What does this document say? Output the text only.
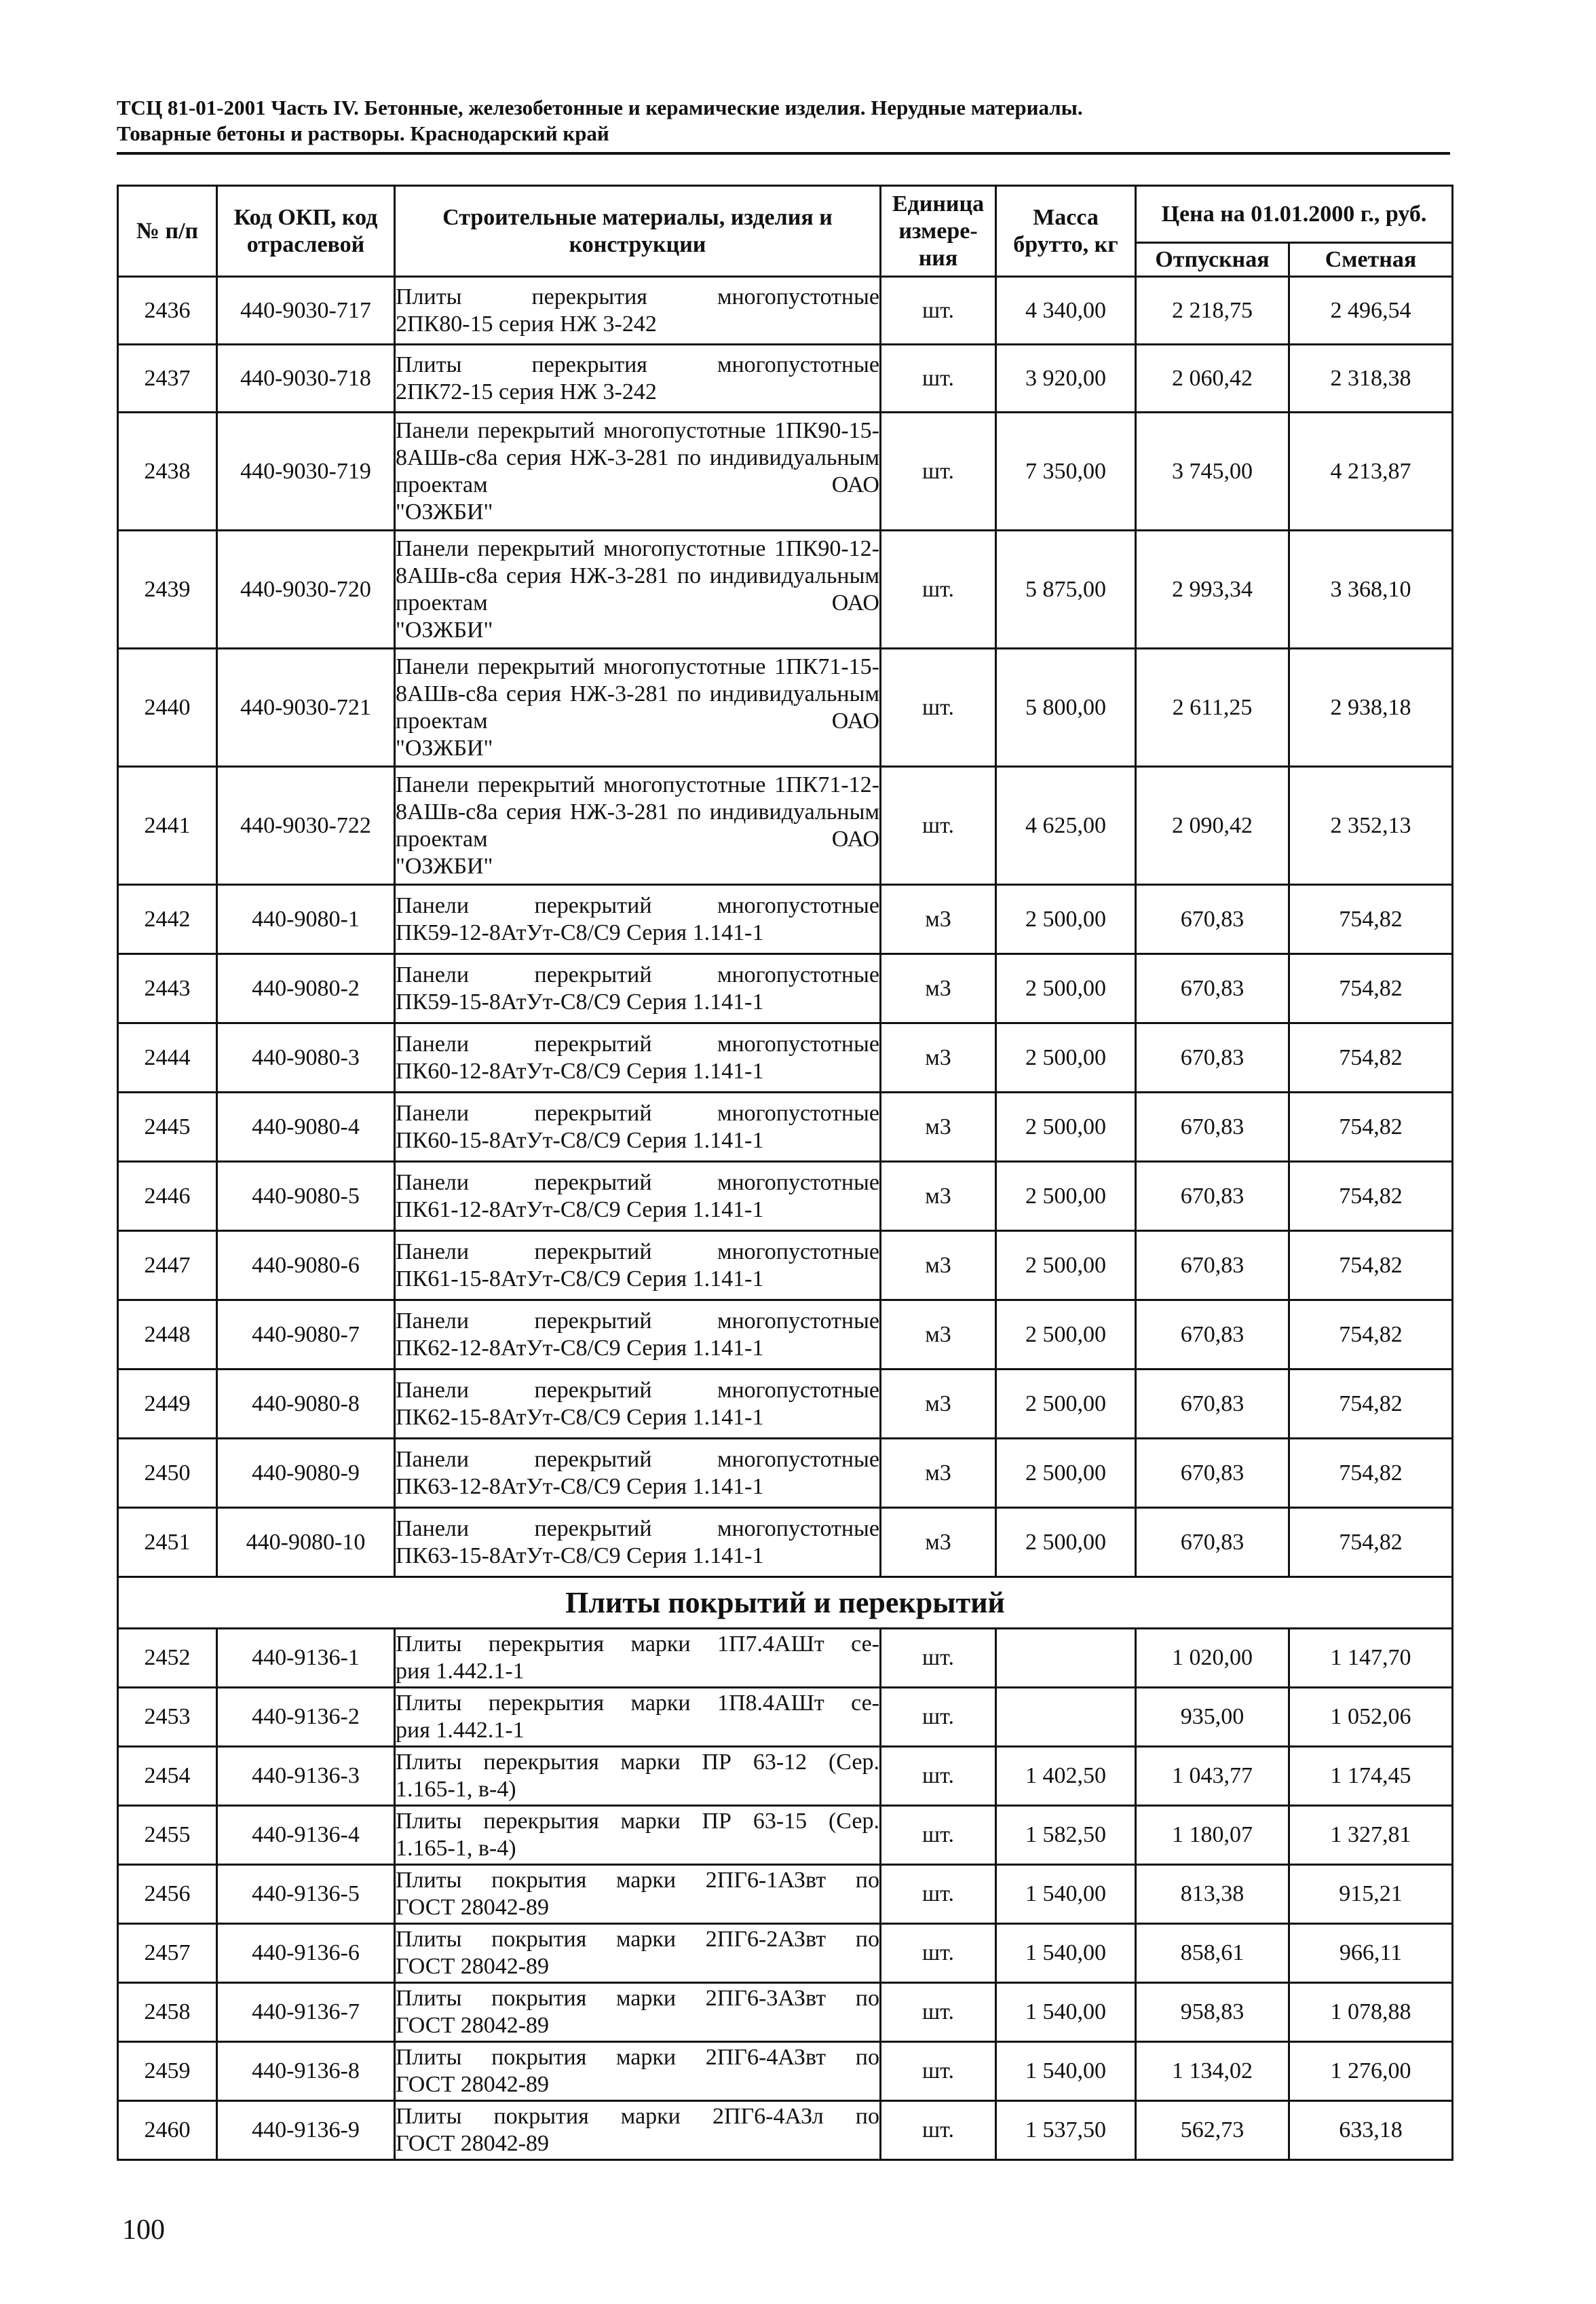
ТСЦ 81-01-2001 Часть IV. Бетонные, железобетонные и керамические изделия. Нерудные материалы.
Товарные бетоны и растворы. Краснодарский край
№ п/п	Код ОКП, код отраслевой	Строительные материалы, изделия и конструкции	Единица измере-ния	Масса брутто, кг	Цена на 01.01.2000 г., руб.	
					Отпускная	Сметная
2436	440-9030-717	Плиты перекрытия многопустотные
2ПК80-15 серия НЖ 3-242	шт.	4 340,00	2 218,75	2 496,54
2437	440-9030-718	Плиты перекрытия многопустотные
2ПК72-15 серия НЖ 3-242	шт.	3 920,00	2 060,42	2 318,38
2438	440-9030-719	Панели перекрытий многопустотные 1ПК90-15-8АШв-с8а серия НЖ-3-281 по индивидуальным проектам ОАО
"ОЗЖБИ"	шт.	7 350,00	3 745,00	4 213,87
2439	440-9030-720	Панели перекрытий многопустотные 1ПК90-12-8АШв-с8а серия НЖ-3-281 по индивидуальным проектам ОАО
"ОЗЖБИ"	шт.	5 875,00	2 993,34	3 368,10
2440	440-9030-721	Панели перекрытий многопустотные 1ПК71-15-8АШв-с8а серия НЖ-3-281 по индивидуальным проектам ОАО
"ОЗЖБИ"	шт.	5 800,00	2 611,25	2 938,18
2441	440-9030-722	Панели перекрытий многопустотные 1ПК71-12-8АШв-с8а серия НЖ-3-281 по индивидуальным проектам ОАО
"ОЗЖБИ"	шт.	4 625,00	2 090,42	2 352,13
2442	440-9080-1	Панели перекрытий многопустотные
ПК59-12-8АтУт-С8/С9 Серия 1.141-1	м3	2 500,00	670,83	754,82
2443	440-9080-2	Панели перекрытий многопустотные
ПК59-15-8АтУт-С8/С9 Серия 1.141-1	м3	2 500,00	670,83	754,82
2444	440-9080-3	Панели перекрытий многопустотные
ПК60-12-8АтУт-С8/С9 Серия 1.141-1	м3	2 500,00	670,83	754,82
2445	440-9080-4	Панели перекрытий многопустотные
ПК60-15-8АтУт-С8/С9 Серия 1.141-1	м3	2 500,00	670,83	754,82
2446	440-9080-5	Панели перекрытий многопустотные
ПК61-12-8АтУт-С8/С9 Серия 1.141-1	м3	2 500,00	670,83	754,82
2447	440-9080-6	Панели перекрытий многопустотные
ПК61-15-8АтУт-С8/С9 Серия 1.141-1	м3	2 500,00	670,83	754,82
2448	440-9080-7	Панели перекрытий многопустотные
ПК62-12-8АтУт-С8/С9 Серия 1.141-1	м3	2 500,00	670,83	754,82
2449	440-9080-8	Панели перекрытий многопустотные
ПК62-15-8АтУт-С8/С9 Серия 1.141-1	м3	2 500,00	670,83	754,82
2450	440-9080-9	Панели перекрытий многопустотные
ПК63-12-8АтУт-С8/С9 Серия 1.141-1	м3	2 500,00	670,83	754,82
2451	440-9080-10	Панели перекрытий многопустотные
ПК63-15-8АтУт-С8/С9 Серия 1.141-1	м3	2 500,00	670,83	754,82
Плиты покрытий и перекрытий						
2452	440-9136-1	Плиты перекрытия марки 1П7.4АШт се-
рия 1.442.1-1	шт.		1 020,00	1 147,70
2453	440-9136-2	Плиты перекрытия марки 1П8.4АШт се-
рия 1.442.1-1	шт.		935,00	1 052,06
2454	440-9136-3	Плиты перекрытия марки ПР 63-12 (Сер.
1.165-1, в-4)	шт.	1 402,50	1 043,77	1 174,45
2455	440-9136-4	Плиты перекрытия марки ПР 63-15 (Сер.
1.165-1, в-4)	шт.	1 582,50	1 180,07	1 327,81
2456	440-9136-5	Плиты покрытия марки 2ПГ6-1АЗвт по
ГОСТ 28042-89	шт.	1 540,00	813,38	915,21
2457	440-9136-6	Плиты покрытия марки 2ПГ6-2АЗвт по
ГОСТ 28042-89	шт.	1 540,00	858,61	966,11
2458	440-9136-7	Плиты покрытия марки 2ПГ6-3АЗвт по
ГОСТ 28042-89	шт.	1 540,00	958,83	1 078,88
2459	440-9136-8	Плиты покрытия марки 2ПГ6-4АЗвт по
ГОСТ 28042-89	шт.	1 540,00	1 134,02	1 276,00
2460	440-9136-9	Плиты покрытия марки 2ПГ6-4АЗл по
ГОСТ 28042-89	шт.	1 537,50	562,73	633,18
100
